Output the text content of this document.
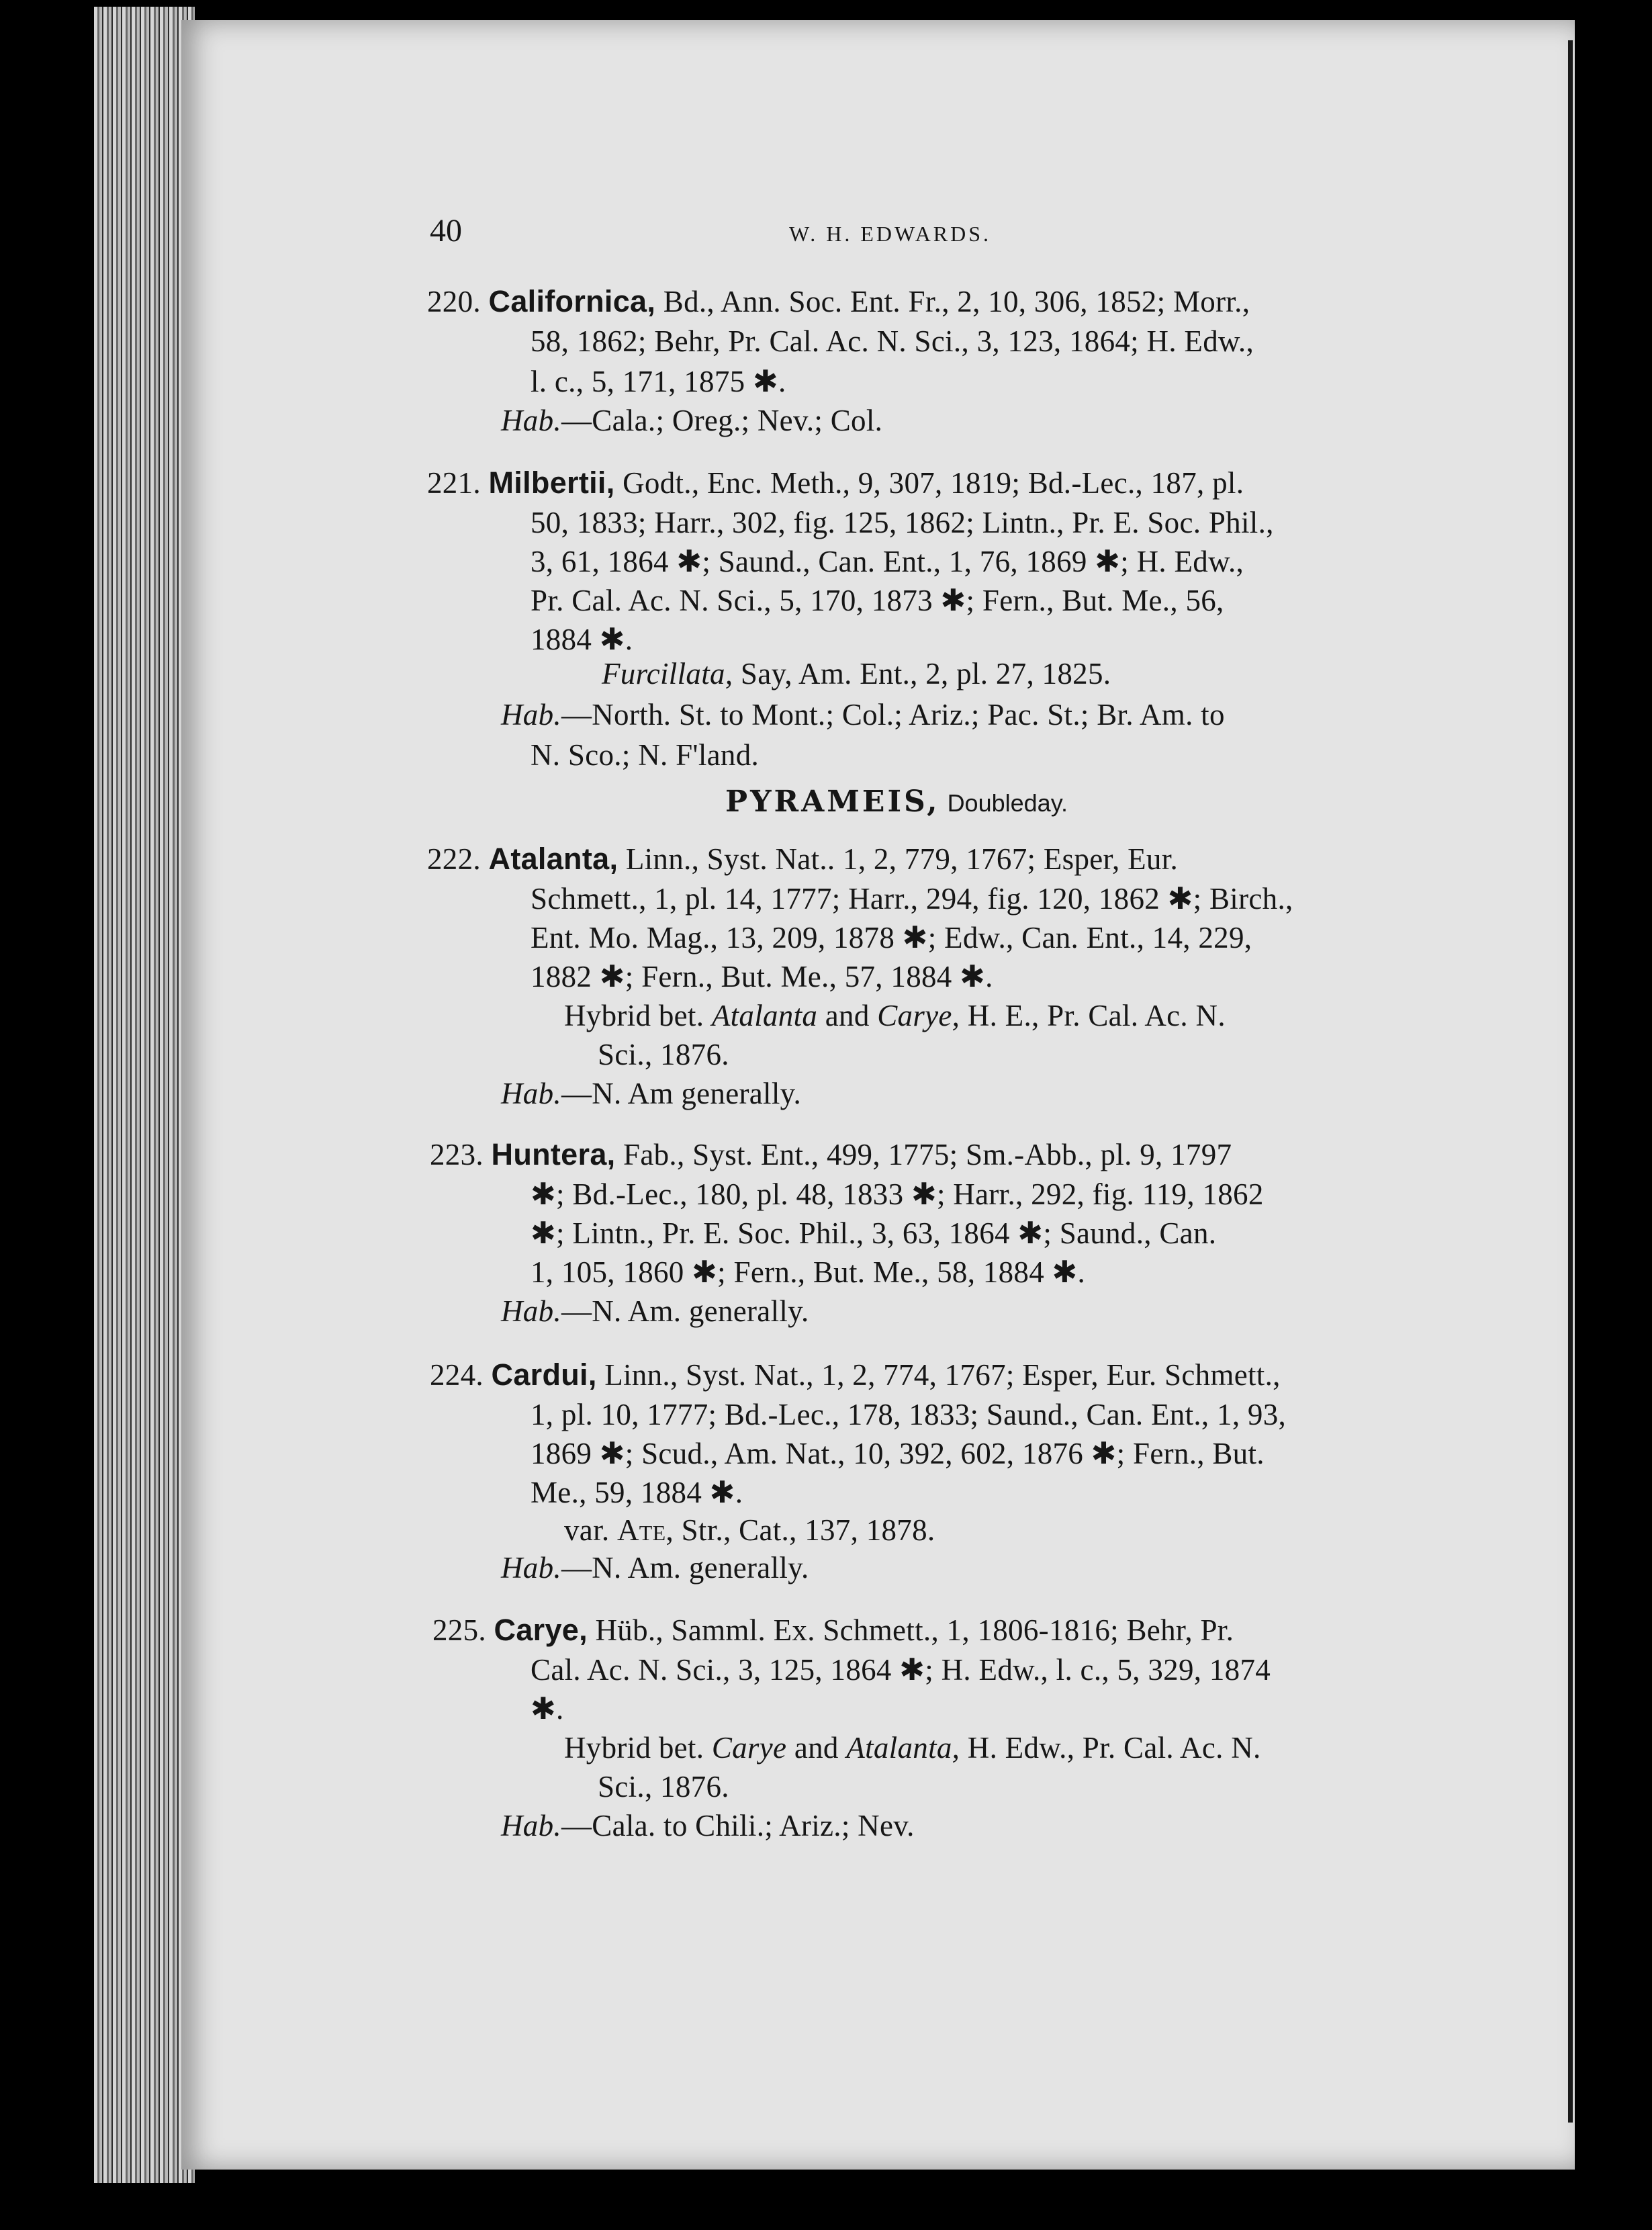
40	W. H. EDWARDS.
220. Californica, Bd., Ann. Soc. Ent. Fr., 2, 10, 306, 1852; Morr.,
58, 1862; Behr, Pr. Cal. Ac. N. Sci., 3, 123, 1864; H. Edw.,
l. c., 5, 171, 1875 ✱.
Hab.—Cala.; Oreg.; Nev.; Col.
221. Milbertii, Godt., Enc. Meth., 9, 307, 1819; Bd.-Lec., 187, pl.
50, 1833; Harr., 302, fig. 125, 1862; Lintn., Pr. E. Soc. Phil.,
3, 61, 1864 ✱; Saund., Can. Ent., 1, 76, 1869 ✱; H. Edw.,
Pr. Cal. Ac. N. Sci., 5, 170, 1873 ✱; Fern., But. Me., 56,
1884 ✱.
Furcillata, Say, Am. Ent., 2, pl. 27, 1825.
Hab.—North. St. to Mont.; Col.; Ariz.; Pac. St.; Br. Am. to
N. Sco.; N. F'land.
PYRAMEIS, Doubleday.
222. Atalanta, Linn., Syst. Nat.. 1, 2, 779, 1767; Esper, Eur.
Schmett., 1, pl. 14, 1777; Harr., 294, fig. 120, 1862 ✱; Birch.,
Ent. Mo. Mag., 13, 209, 1878 ✱; Edw., Can. Ent., 14, 229,
1882 ✱; Fern., But. Me., 57, 1884 ✱.
Hybrid bet. Atalanta and Carye, H. E., Pr. Cal. Ac. N.
Sci., 1876.
Hab.—N. Am generally.
223. Huntera, Fab., Syst. Ent., 499, 1775; Sm.-Abb., pl. 9, 1797
✱; Bd.-Lec., 180, pl. 48, 1833 ✱; Harr., 292, fig. 119, 1862
✱; Lintn., Pr. E. Soc. Phil., 3, 63, 1864 ✱; Saund., Can.
1, 105, 1860 ✱; Fern., But. Me., 58, 1884 ✱.
Hab.—N. Am. generally.
224. Cardui, Linn., Syst. Nat., 1, 2, 774, 1767; Esper, Eur. Schmett.,
1, pl. 10, 1777; Bd.-Lec., 178, 1833; Saund., Can. Ent., 1, 93,
1869 ✱; Scud., Am. Nat., 10, 392, 602, 1876 ✱; Fern., But.
Me., 59, 1884 ✱.
var. Ate, Str., Cat., 137, 1878.
Hab.—N. Am. generally.
225. Carye, Hüb., Samml. Ex. Schmett., 1, 1806-1816; Behr, Pr.
Cal. Ac. N. Sci., 3, 125, 1864 ✱; H. Edw., l. c., 5, 329, 1874
✱.
Hybrid bet. Carye and Atalanta, H. Edw., Pr. Cal. Ac. N.
Sci., 1876.
Hab.—Cala. to Chili.; Ariz.; Nev.
